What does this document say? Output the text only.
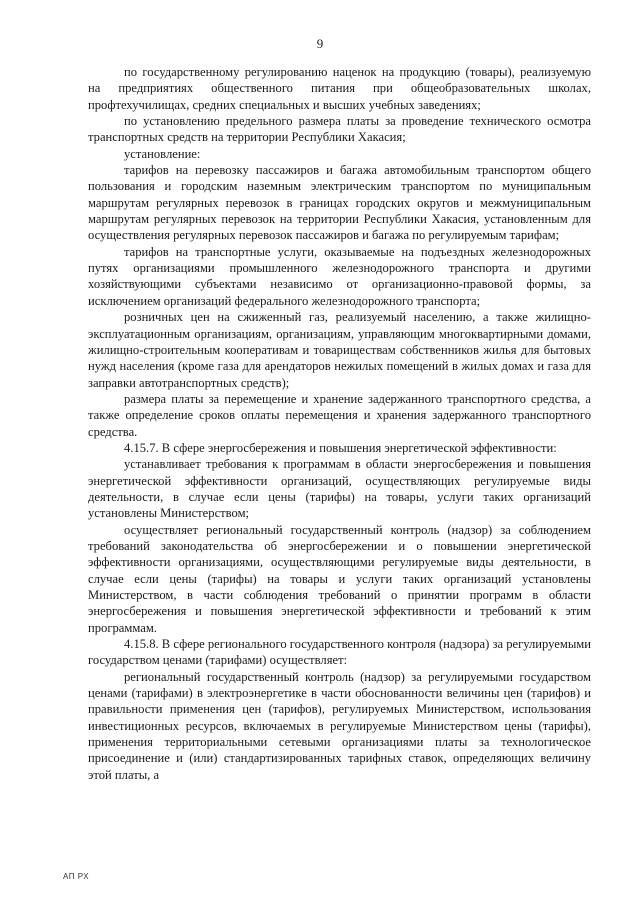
9

по государственному регулированию наценок на продукцию (товары), реализуемую на предприятиях общественного питания при общеобразовательных школах, профтехучилищах, средних специальных и высших учебных заведениях;

по установлению предельного размера платы за проведение технического осмотра транспортных средств на территории Республики Хакасия;

установление:

тарифов на перевозку пассажиров и багажа автомобильным транспортом общего пользования и городским наземным электрическим транспортом по муниципальным маршрутам регулярных перевозок в границах городских округов и межмуниципальным маршрутам регулярных перевозок на территории Республики Хакасия, установленным для осуществления регулярных перевозок пассажиров и багажа по регулируемым тарифам;

тарифов на транспортные услуги, оказываемые на подъездных железнодорожных путях организациями промышленного железнодорожного транспорта и другими хозяйствующими субъектами независимо от организационно-правовой формы, за исключением организаций федерального железнодорожного транспорта;

розничных цен на сжиженный газ, реализуемый населению, а также жилищно-эксплуатационным организациям, организациям, управляющим многоквартирными домами, жилищно-строительным кооперативам и товариществам собственников жилья для бытовых нужд населения (кроме газа для арендаторов нежилых помещений в жилых домах и газа для заправки автотранспортных средств);

размера платы за перемещение и хранение задержанного транспортного средства, а также определение сроков оплаты перемещения и хранения задержанного транспортного средства.

4.15.7. В сфере энергосбережения и повышения энергетической эффективности:

устанавливает требования к программам в области энергосбережения и повышения энергетической эффективности организаций, осуществляющих регулируемые виды деятельности, в случае если цены (тарифы) на товары, услуги таких организаций установлены Министерством;

осуществляет региональный государственный контроль (надзор) за соблюдением требований законодательства об энергосбережении и о повышении энергетической эффективности организациями, осуществляющими регулируемые виды деятельности, в случае если цены (тарифы) на товары и услуги таких организаций установлены Министерством, в части соблюдения требований о принятии программ в области энергосбережения и повышения энергетической эффективности и требований к этим программам.

4.15.8. В сфере регионального государственного контроля (надзора) за регулируемыми государством ценами (тарифами) осуществляет:

региональный государственный контроль (надзор) за регулируемыми государством ценами (тарифами) в электроэнергетике в части обоснованности величины цен (тарифов) и правильности применения цен (тарифов), регулируемых Министерством, использования инвестиционных ресурсов, включаемых в регулируемые Министерством цены (тарифы), применения территориальными сетевыми организациями платы за технологическое присоединение и (или) стандартизированных тарифных ставок, определяющих величину этой платы, а

АП РХ
